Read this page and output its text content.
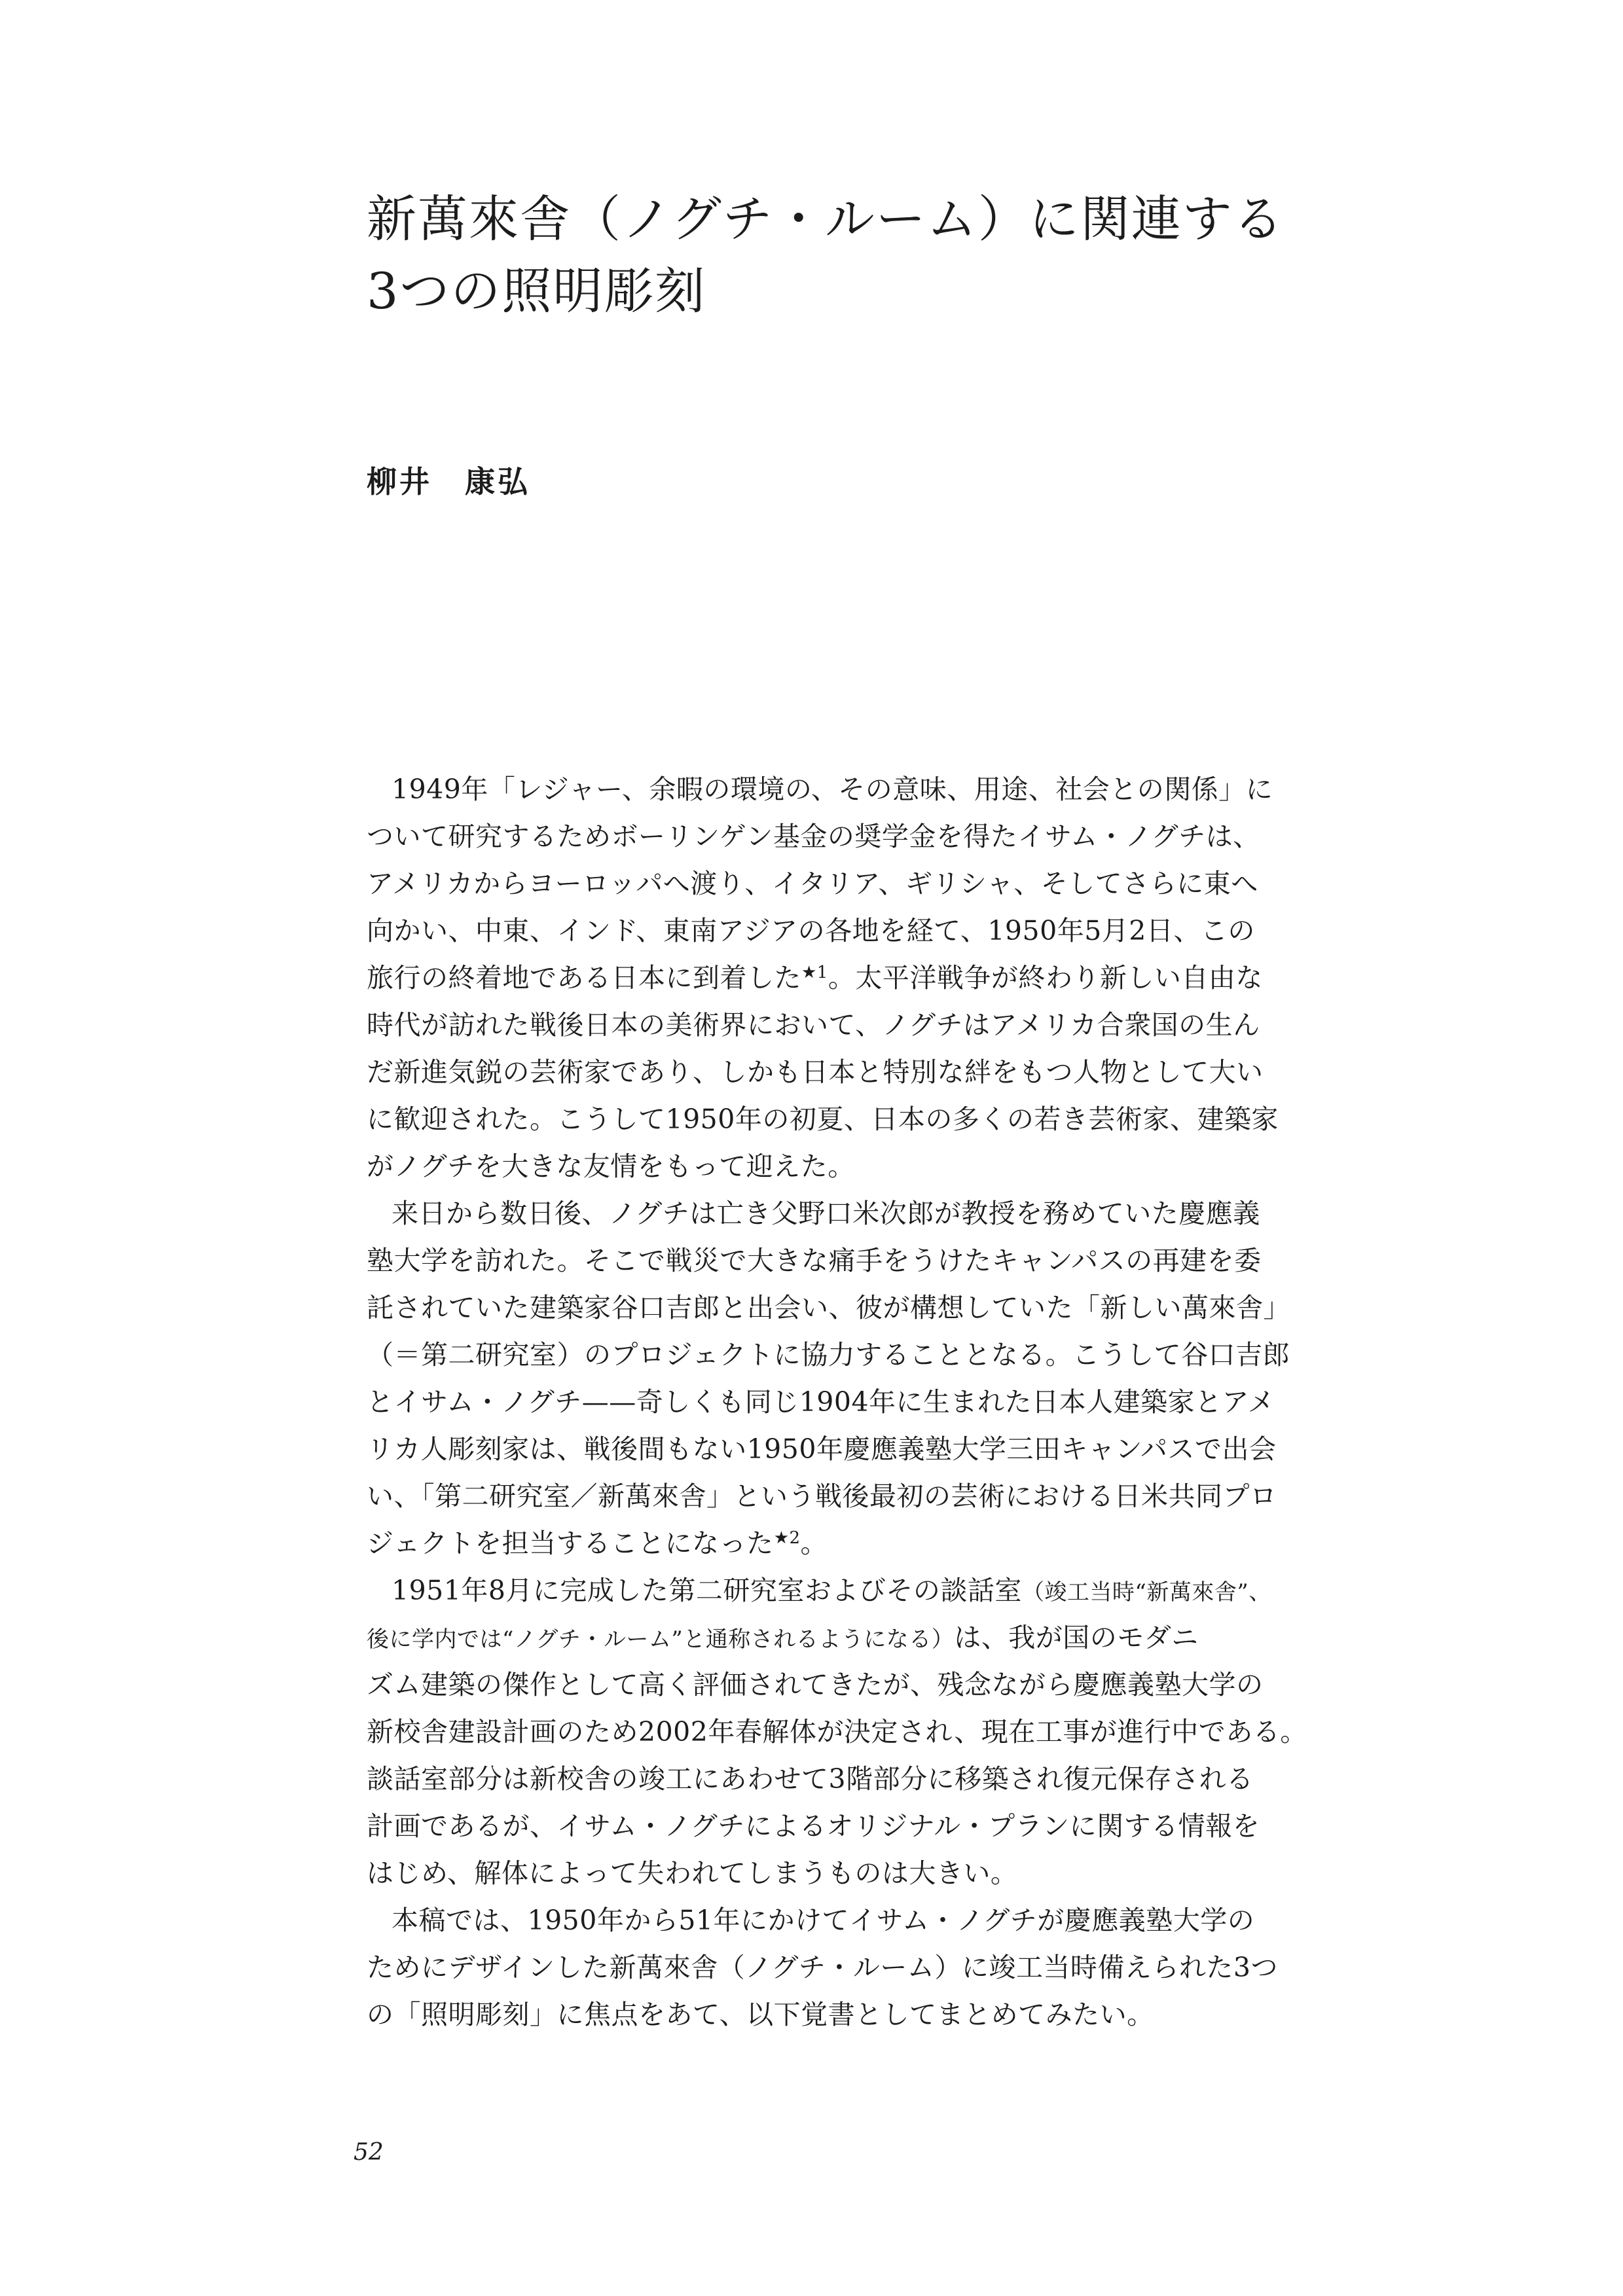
新萬來舎（ノグチ・ルーム）に関連する
3つの照明彫刻
柳井　康弘
1949年「レジャー、余暇の環境の、その意味、用途、社会との関係」に
ついて研究するためボーリンゲン基金の奨学金を得たイサム・ノグチは、
アメリカからヨーロッパへ渡り、イタリア、ギリシャ、そしてさらに東へ
向かい、中東、インド、東南アジアの各地を経て、1950年5月2日、この
旅行の終着地である日本に到着した$^{★1}$。太平洋戦争が終わり新しい自由な
時代が訪れた戦後日本の美術界において、ノグチはアメリカ合衆国の生ん
だ新進気鋭の芸術家であり、しかも日本と特別な絆をもつ人物として大い
に歓迎された。こうして1950年の初夏、日本の多くの若き芸術家、建築家
がノグチを大きな友情をもって迎えた。
来日から数日後、ノグチは亡き父野口米次郎が教授を務めていた慶應義
塾大学を訪れた。そこで戦災で大きな痛手をうけたキャンパスの再建を委
託されていた建築家谷口吉郎と出会い、彼が構想していた「新しい萬來舎」
（＝第二研究室）のプロジェクトに協力することとなる。こうして谷口吉郎
とイサム・ノグチ——奇しくも同じ1904年に生まれた日本人建築家とアメ
リカ人彫刻家は、戦後間もない1950年慶應義塾大学三田キャンパスで出会
い、「第二研究室／新萬來舎」という戦後最初の芸術における日米共同プロ
ジェクトを担当することになった$^{★2}$。
1951年8月に完成した第二研究室およびその談話室（竣工当時“新萬來舎”、
後に学内では“ノグチ・ルーム”と通称されるようになる）は、我が国のモダニ
ズム建築の傑作として高く評価されてきたが、残念ながら慶應義塾大学の
新校舎建設計画のため2002年春解体が決定され、現在工事が進行中である。
談話室部分は新校舎の竣工にあわせて3階部分に移築され復元保存される
計画であるが、イサム・ノグチによるオリジナル・プランに関する情報を
はじめ、解体によって失われてしまうものは大きい。
本稿では、1950年から51年にかけてイサム・ノグチが慶應義塾大学の
ためにデザインした新萬來舎（ノグチ・ルーム）に竣工当時備えられた3つ
の「照明彫刻」に焦点をあて、以下覚書としてまとめてみたい。
52
